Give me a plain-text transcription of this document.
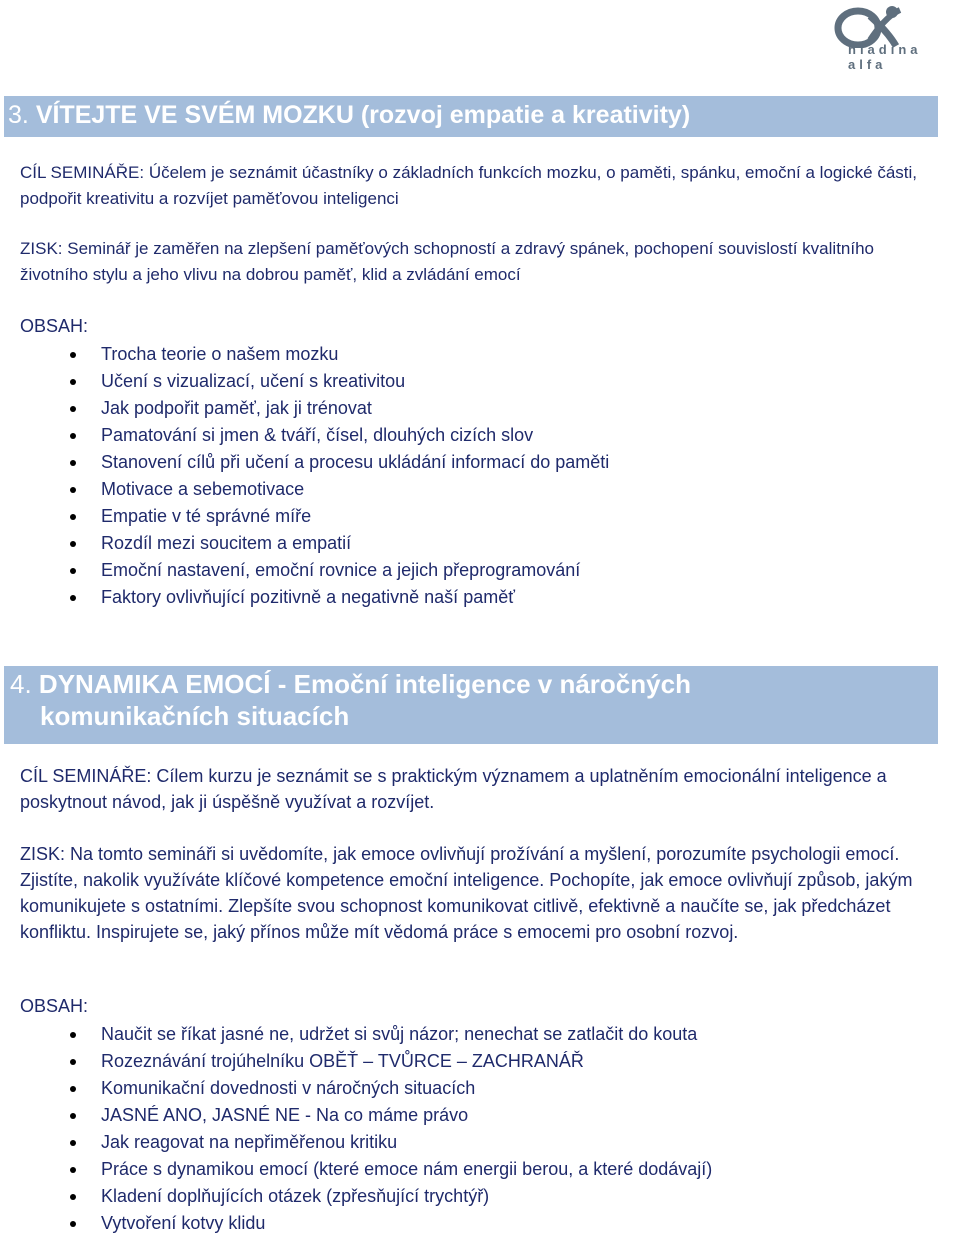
hladina alfa
3. VÍTEJTE VE SVÉM MOZKU (rozvoj empatie a kreativity)
CÍL SEMINÁŘE: Účelem je seznámit účastníky o základních funkcích mozku, o paměti, spánku, emoční a logické části, podpořit kreativitu a rozvíjet paměťovou inteligenci
ZISK: Seminář je zaměřen na zlepšení paměťových schopností a zdravý spánek, pochopení souvislostí kvalitního životního stylu a jeho vlivu na dobrou paměť, klid a zvládání emocí
OBSAH:
Trocha teorie o našem mozku
Učení s vizualizací, učení s kreativitou
Jak podpořit paměť, jak ji trénovat
Pamatování si jmen & tváří, čísel, dlouhých cizích slov
Stanovení cílů při učení a procesu ukládání informací do paměti
Motivace a sebemotivace
Empatie v té správné míře
Rozdíl mezi soucitem a empatií
Emoční nastavení, emoční rovnice a jejich přeprogramování
Faktory ovlivňující pozitivně a negativně naší paměť
4. DYNAMIKA EMOCÍ - Emoční inteligence v náročných
komunikačních situacích
CÍL SEMINÁŘE: Cílem kurzu je seznámit se s praktickým významem a uplatněním emocionální inteligence a poskytnout návod, jak ji úspěšně využívat a rozvíjet.
ZISK: Na tomto semináři si uvědomíte, jak emoce ovlivňují prožívání a myšlení, porozumíte psychologii emocí. Zjistíte, nakolik využíváte klíčové kompetence emoční inteligence. Pochopíte, jak emoce ovlivňují způsob, jakým komunikujete s ostatními. Zlepšíte svou schopnost komunikovat citlivě, efektivně a naučíte se, jak předcházet konfliktu. Inspirujete se, jaký přínos může mít vědomá práce s emocemi pro osobní rozvoj.
OBSAH:
Naučit se říkat jasné ne, udržet si svůj názor; nenechat se zatlačit do kouta
Rozeznávání trojúhelníku OBĚŤ – TVŮRCE – ZACHRANÁŘ
Komunikační dovednosti v náročných situacích
JASNÉ ANO, JASNÉ NE - Na co máme právo
Jak reagovat na nepřiměřenou kritiku
Práce s dynamikou emocí (které emoce nám energii berou, a které dodávají)
Kladení doplňujících otázek (zpřesňující trychtýř)
Vytvoření kotvy klidu
